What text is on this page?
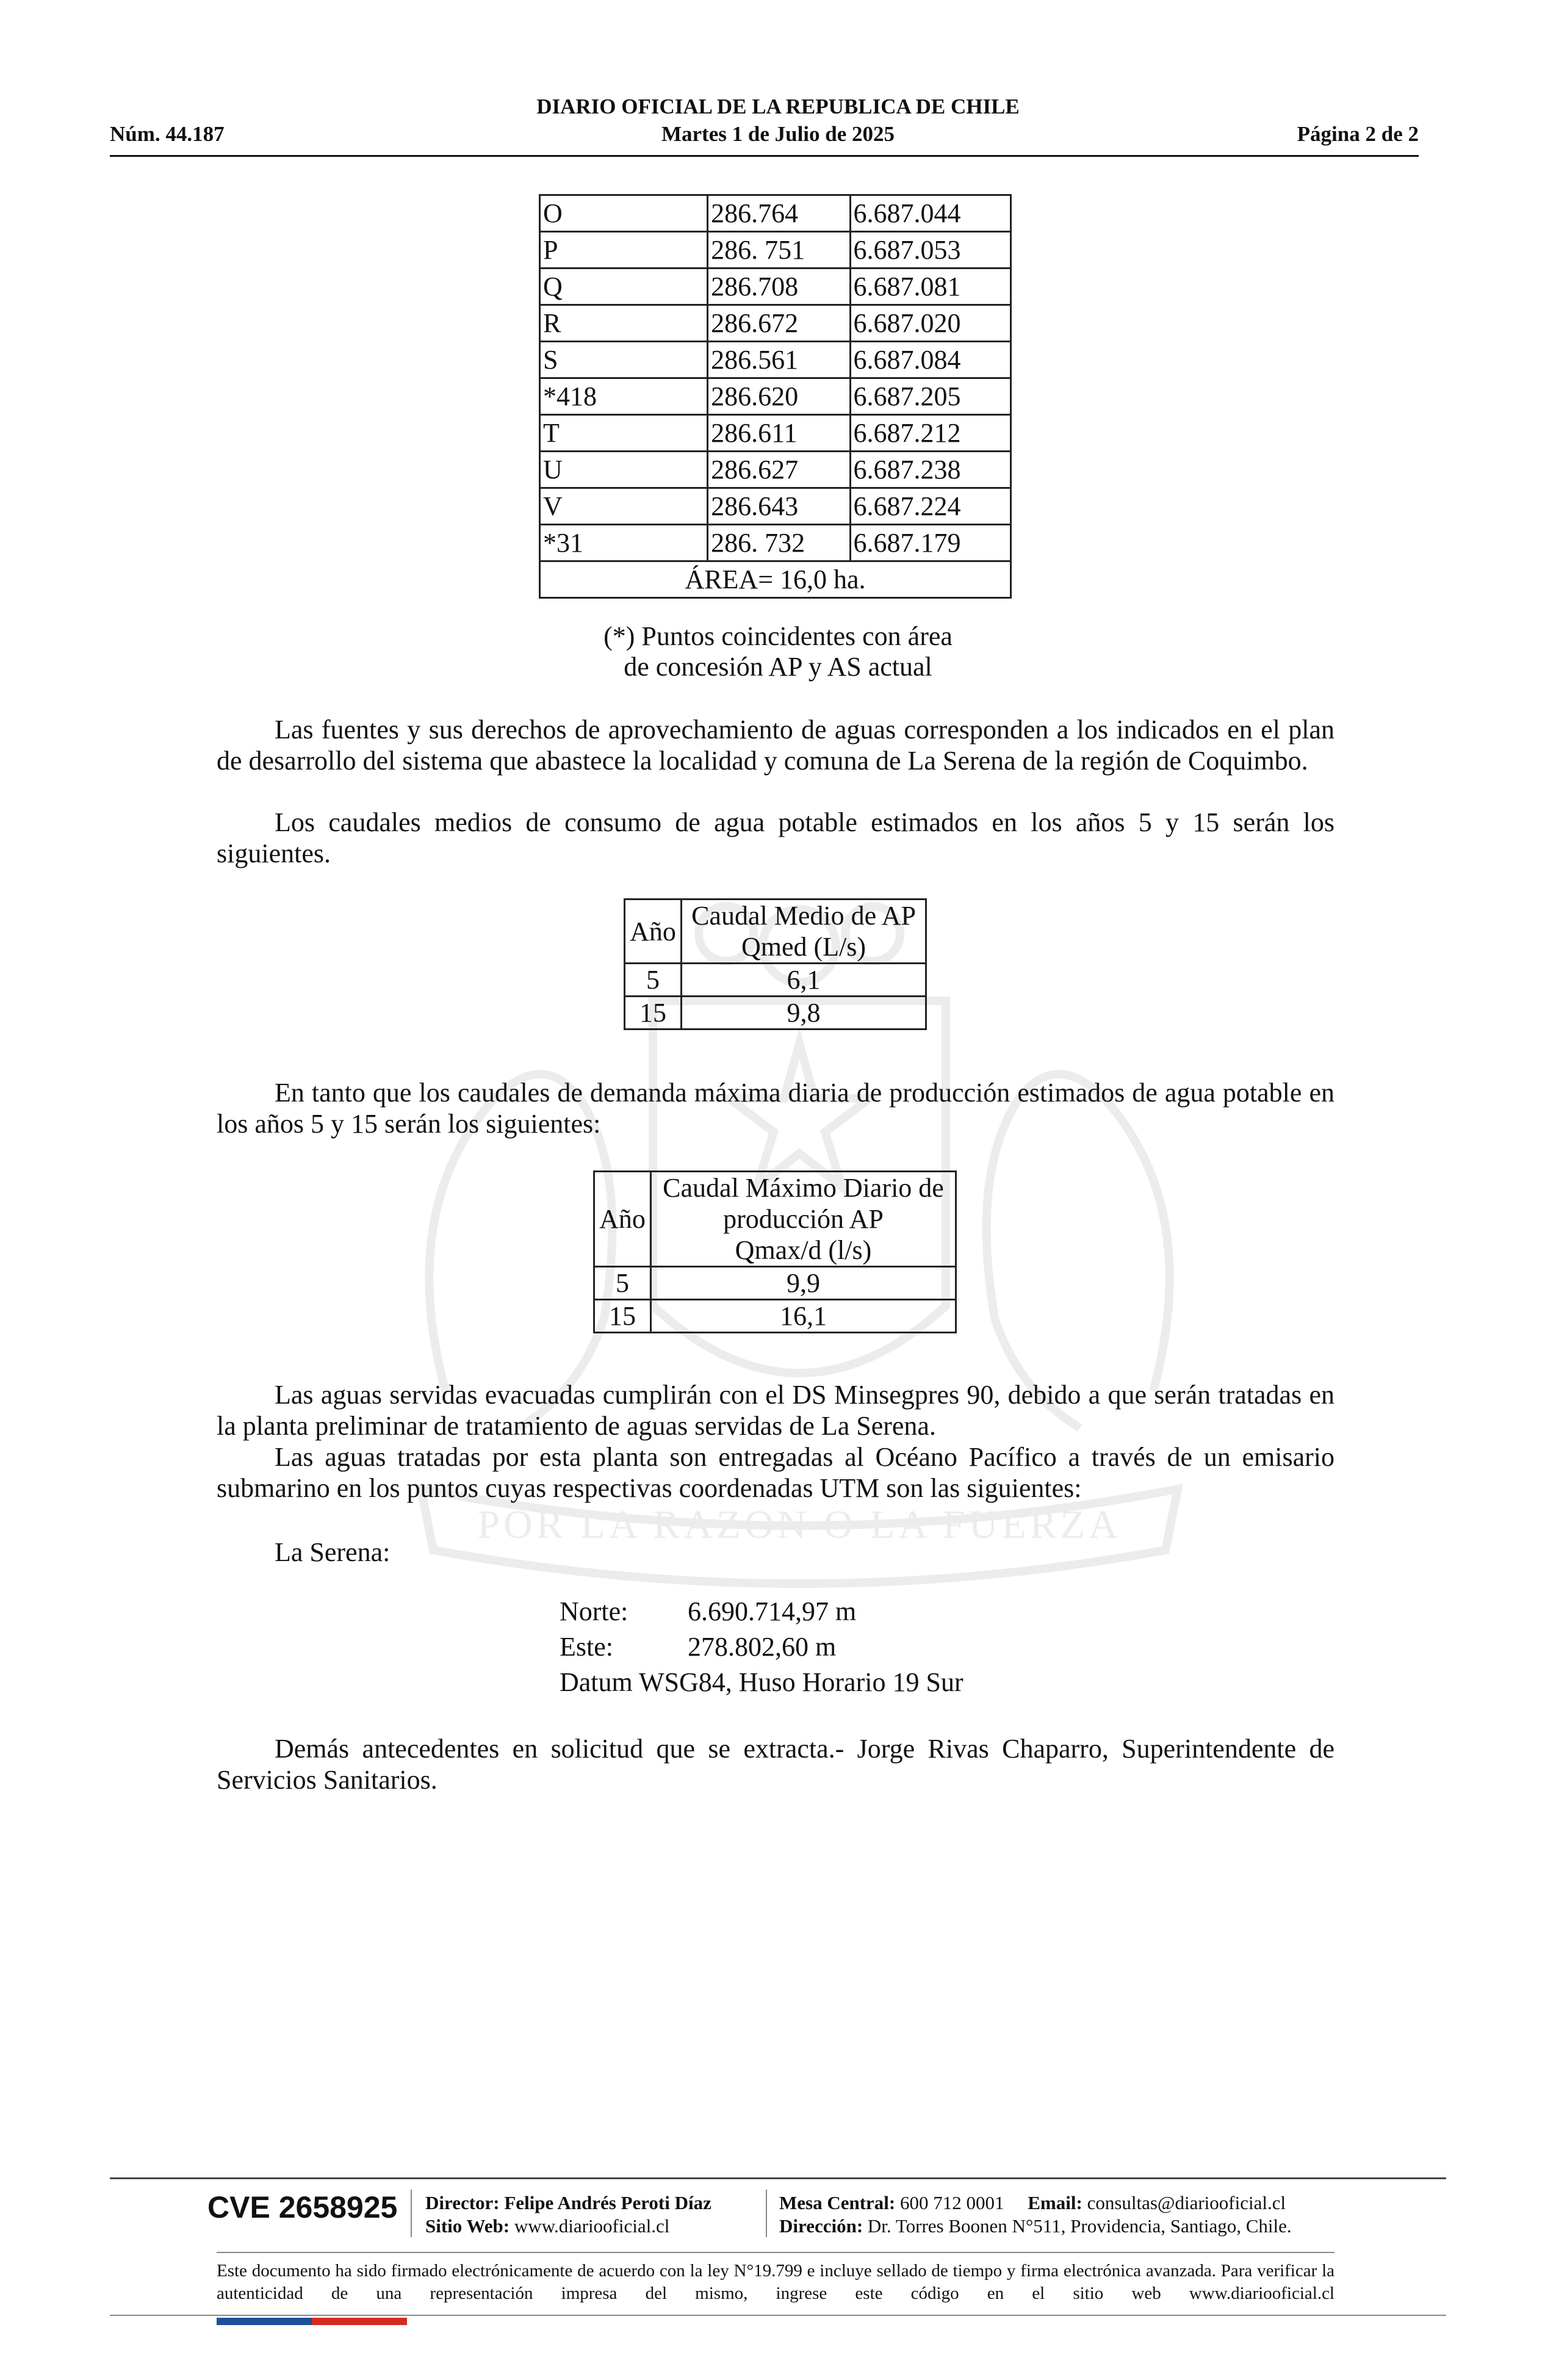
POR LA RAZON O LA FUERZA
DIARIO OFICIAL DE LA REPUBLICA DE CHILE
Martes 1 de Julio de 2025
Núm. 44.187	Página 2 de 2
O	286.764	6.687.044
P	286. 751	6.687.053
Q	286.708	6.687.081
R	286.672	6.687.020
S	286.561	6.687.084
*418	286.620	6.687.205
T	286.611	6.687.212
U	286.627	6.687.238
V	286.643	6.687.224
*31	286. 732	6.687.179
ÁREA= 16,0 ha.		
(*) Puntos coincidentes con área
de concesión AP y AS actual
Las fuentes y sus derechos de aprovechamiento de aguas corresponden a los indicados en el plan de desarrollo del sistema que abastece la localidad y comuna de La Serena de la región de Coquimbo.
Los caudales medios de consumo de agua potable estimados en los años 5 y 15 serán los siguientes.
Año	Caudal Medio de AP
Qmed (L/s)

5	6,1
15	9,8
En tanto que los caudales de demanda máxima diaria de producción estimados de agua potable en los años 5 y 15 serán los siguientes:
Año	Caudal Máximo Diario de
producción AP
Qmax/d (l/s)

5	9,9
15	16,1
Las aguas servidas evacuadas cumplirán con el DS Minsegpres 90, debido a que serán tratadas en la planta preliminar de tratamiento de aguas servidas de La Serena.
Las aguas tratadas por esta planta son entregadas al Océano Pacífico a través de un emisario submarino en los puntos cuyas respectivas coordenadas UTM son las siguientes:
La Serena:
Norte: 6.690.714,97 m
Este:	278.802,60 m
Datum WSG84, Huso Horario 19 Sur
Demás antecedentes en solicitud que se extracta.- Jorge Rivas Chaparro, Superintendente de Servicios Sanitarios.
CVE 2658925 Director: Felipe Andrés Peroti Díaz
Sitio Web: www.diariooficial.cl
Mesa Central: 600 712 0001 Email: consultas@diariooficial.cl
Dirección: Dr. Torres Boonen N°511, Providencia, Santiago, Chile.
Este documento ha sido firmado electrónicamente de acuerdo con la ley N°19.799 e incluye sellado de tiempo y firma electrónica avanzada. Para verificar la autenticidad de una representación impresa del mismo, ingrese este código en el sitio web www.diariooficial.cl
